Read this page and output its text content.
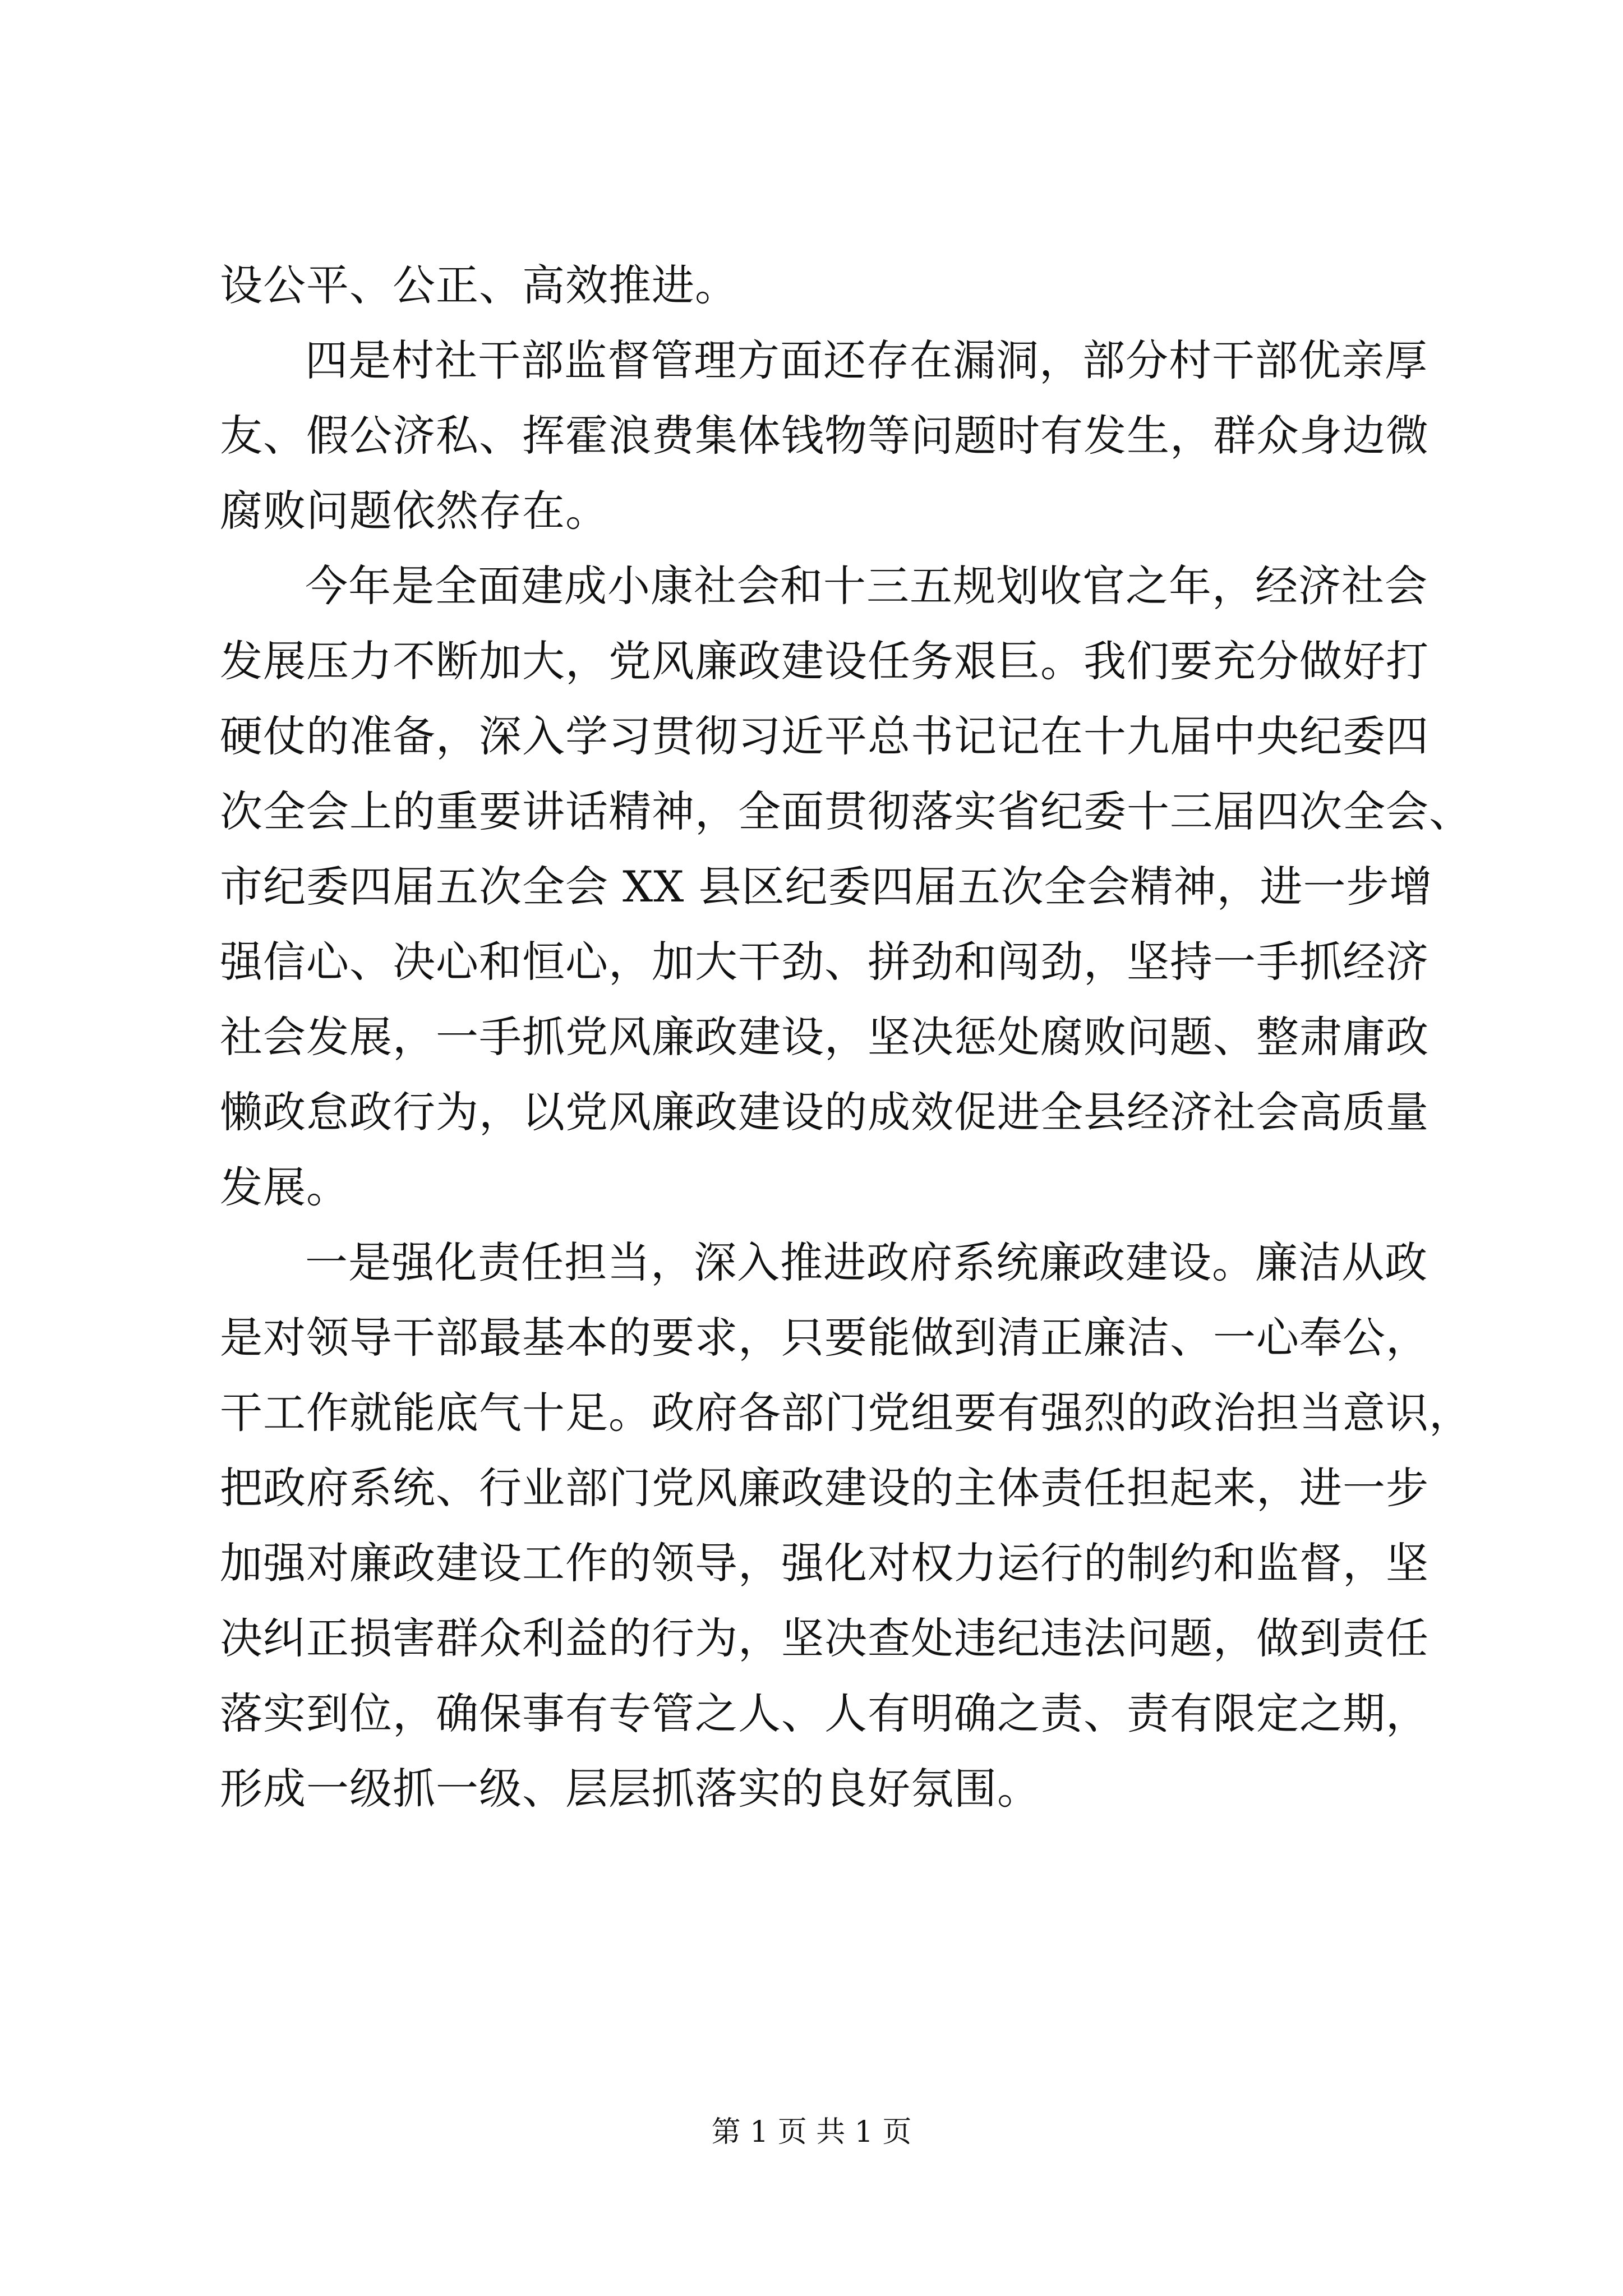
设公平、公正、高效推进。
四是村社干部监督管理方面还存在漏洞，部分村干部优亲厚
友、假公济私、挥霍浪费集体钱物等问题时有发生，群众身边微
腐败问题依然存在。
今年是全面建成小康社会和十三五规划收官之年，经济社会
发展压力不断加大，党风廉政建设任务艰巨。我们要充分做好打
硬仗的准备，深入学习贯彻习近平总书记记在十九届中央纪委四
次全会上的重要讲话精神，全面贯彻落实省纪委十三届四次全会、
市纪委四届五次全会 XX 县区纪委四届五次全会精神，进一步增
强信心、决心和恒心，加大干劲、拼劲和闯劲，坚持一手抓经济
社会发展，一手抓党风廉政建设，坚决惩处腐败问题、整肃庸政
懒政怠政行为，以党风廉政建设的成效促进全县经济社会高质量
发展。
一是强化责任担当，深入推进政府系统廉政建设。廉洁从政
是对领导干部最基本的要求，只要能做到清正廉洁、一心奉公，
干工作就能底气十足。政府各部门党组要有强烈的政治担当意识，
把政府系统、行业部门党风廉政建设的主体责任担起来，进一步
加强对廉政建设工作的领导，强化对权力运行的制约和监督，坚
决纠正损害群众利益的行为，坚决查处违纪违法问题，做到责任
落实到位，确保事有专管之人、人有明确之责、责有限定之期，
形成一级抓一级、层层抓落实的良好氛围。
第 1 页 共 1 页
